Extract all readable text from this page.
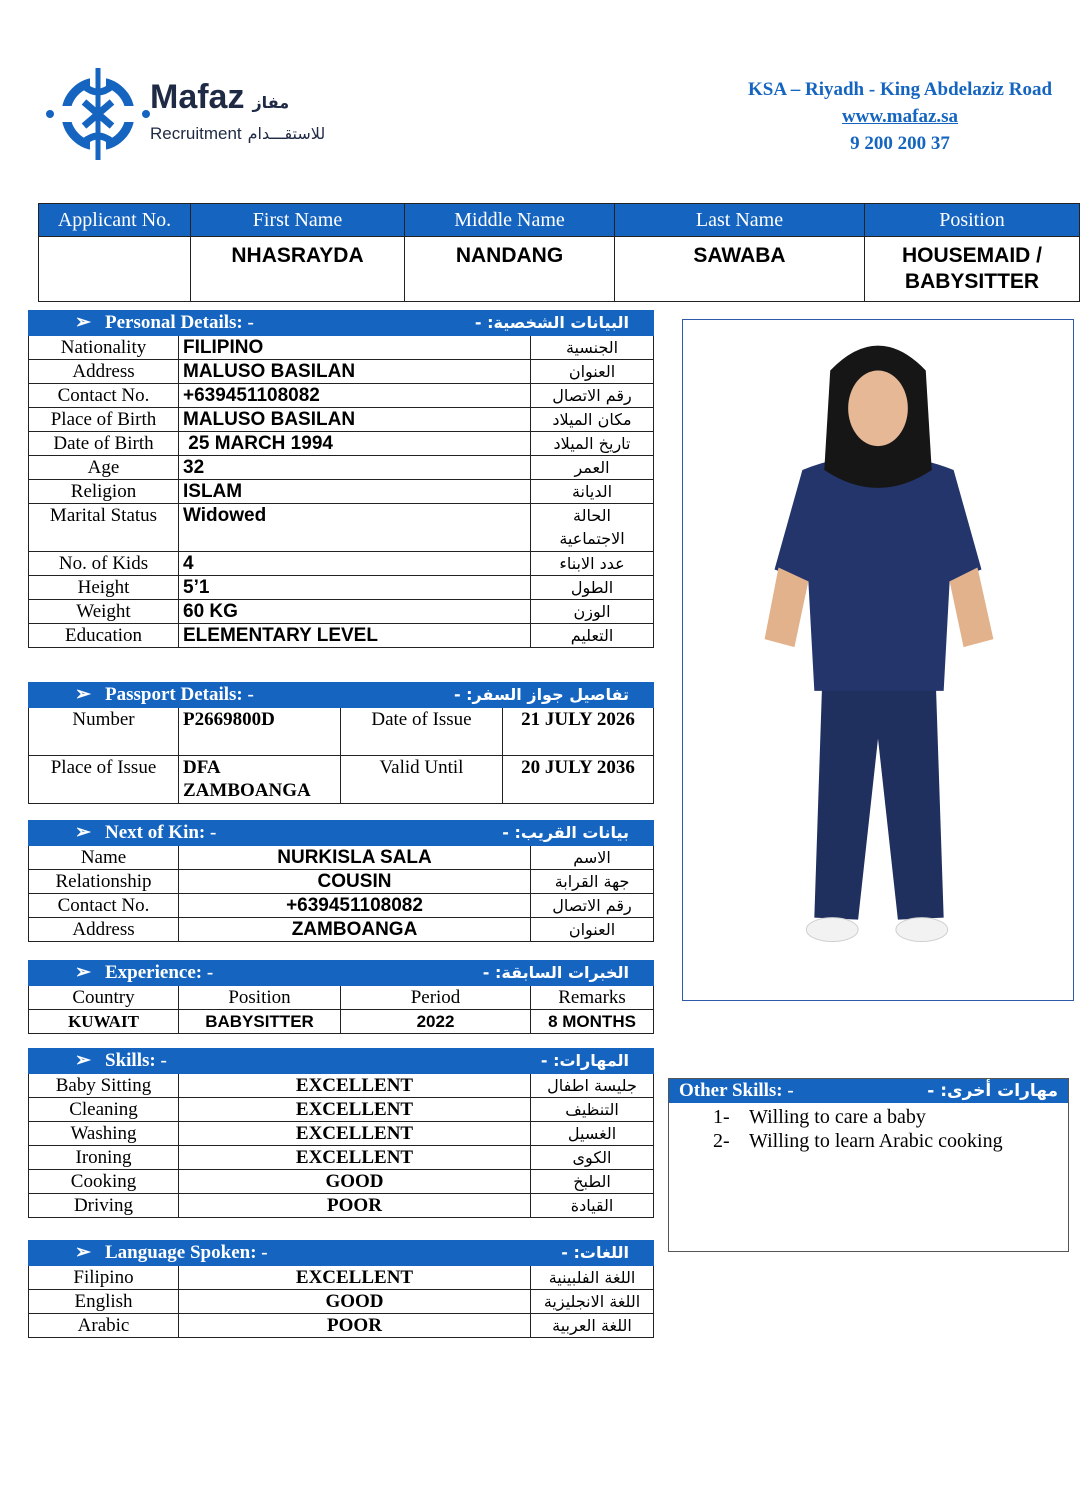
Mafaz مفاز
Recruitment للاستقـــدام
KSA – Riyadh - King Abdelaziz Road
www.mafaz.sa
9 200 200 37
Applicant No.	First Name	Middle Name	Last Name	Position
	NHASRAYDA	NANDANG	SAWABA	HOUSEMAID /
BABYSITTER
➢ Personal Details: - البيانات الشخصية: -		

Nationality	FILIPINO	الجنسية
Address	MALUSO BASILAN	العنوان
Contact No.	+639451108082	رقم الاتصال
Place of Birth	MALUSO BASILAN	مكان الميلاد
Date of Birth	25 MARCH 1994	تاريخ الميلاد
Age	32	العمر
Religion	ISLAM	الديانة
Marital Status	Widowed	الحالة الاجتماعية
No. of Kids	4	عدد الابناء
Height	5’1	الطول
Weight	60 KG	الوزن
Education	ELEMENTARY LEVEL	التعليم
➢ Passport Details: - تفاصيل جواز السفر: -			

Number	P2669800D	Date of Issue	21 JULY 2026
Place of Issue	DFA ZAMBOANGA	Valid Until	20 JULY 2036
➢ Next of Kin: - بيانات القريب: -		

Name	NURKISLA SALA	الاسم
Relationship	COUSIN	جهة القرابة
Contact No.	+639451108082	رقم الاتصال
Address	ZAMBOANGA	العنوان
➢ Experience: - الخبرات السابقة: -			

Country	Position	Period	Remarks
KUWAIT	BABYSITTER	2022	8 MONTHS
➢ Skills: - المهارات: -		

Baby Sitting	EXCELLENT	جليسة اطفال
Cleaning	EXCELLENT	التنظيف
Washing	EXCELLENT	الغسيل
Ironing	EXCELLENT	الكوى
Cooking	GOOD	الطبخ
Driving	POOR	القيادة
➢ Language Spoken: - اللغات: -		

Filipino	EXCELLENT	اللغة الفلبينية
English	GOOD	اللغة الانجليزية
Arabic	POOR	اللغة العربية
Other Skills: -	مهارات أخرى: -
1- Willing to care a baby
2- Willing to learn Arabic cooking
